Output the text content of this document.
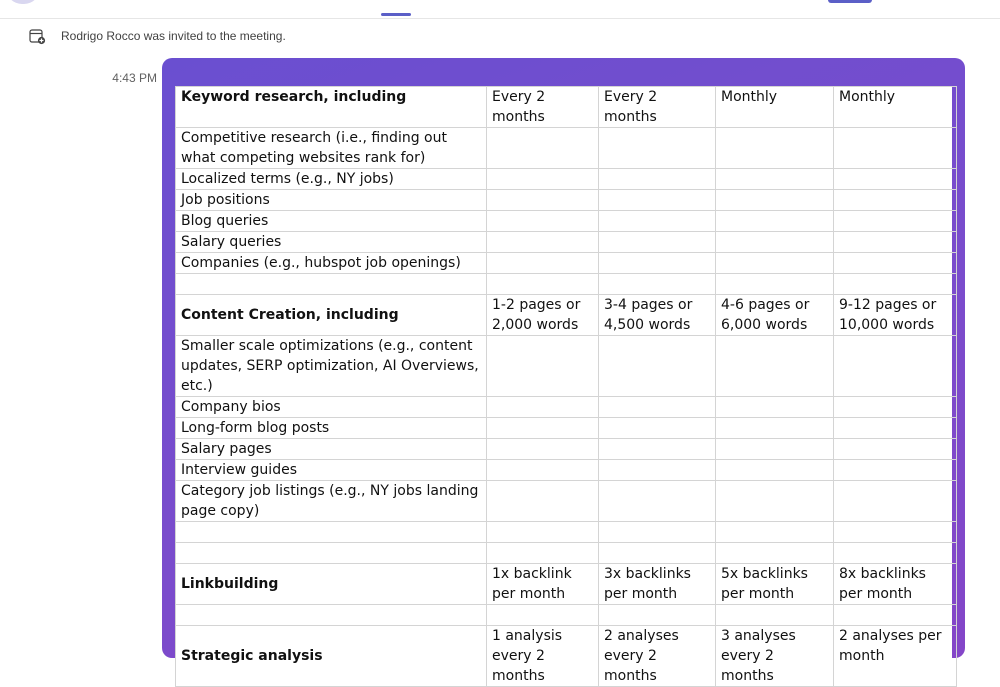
Rodrigo Rocco was invited to the meeting.
4:43 PM
Keyword research, including	Every 2 months	Every 2 months	Monthly	Monthly
Competitive research (i.e., finding out what competing websites rank for)				
Localized terms (e.g., NY jobs)				
Job positions				
Blog queries				
Salary queries				
Companies (e.g., hubspot job openings)				

Content Creation, including	1-2 pages or 2,000 words	3-4 pages or 4,500 words	4-6 pages or 6,000 words	9-12 pages or 10,000 words
Smaller scale optimizations (e.g., content updates, SERP optimization, AI Overviews, etc.)				
Company bios				
Long-form blog posts				
Salary pages				
Interview guides				
Category job listings (e.g., NY jobs landing page copy)				

Linkbuilding	1x backlink per month	3x backlinks per month	5x backlinks per month	8x backlinks per month

Strategic analysis	1 analysis every 2 months	2 analyses every 2 months	3 analyses every 2 months	2 analyses per month
